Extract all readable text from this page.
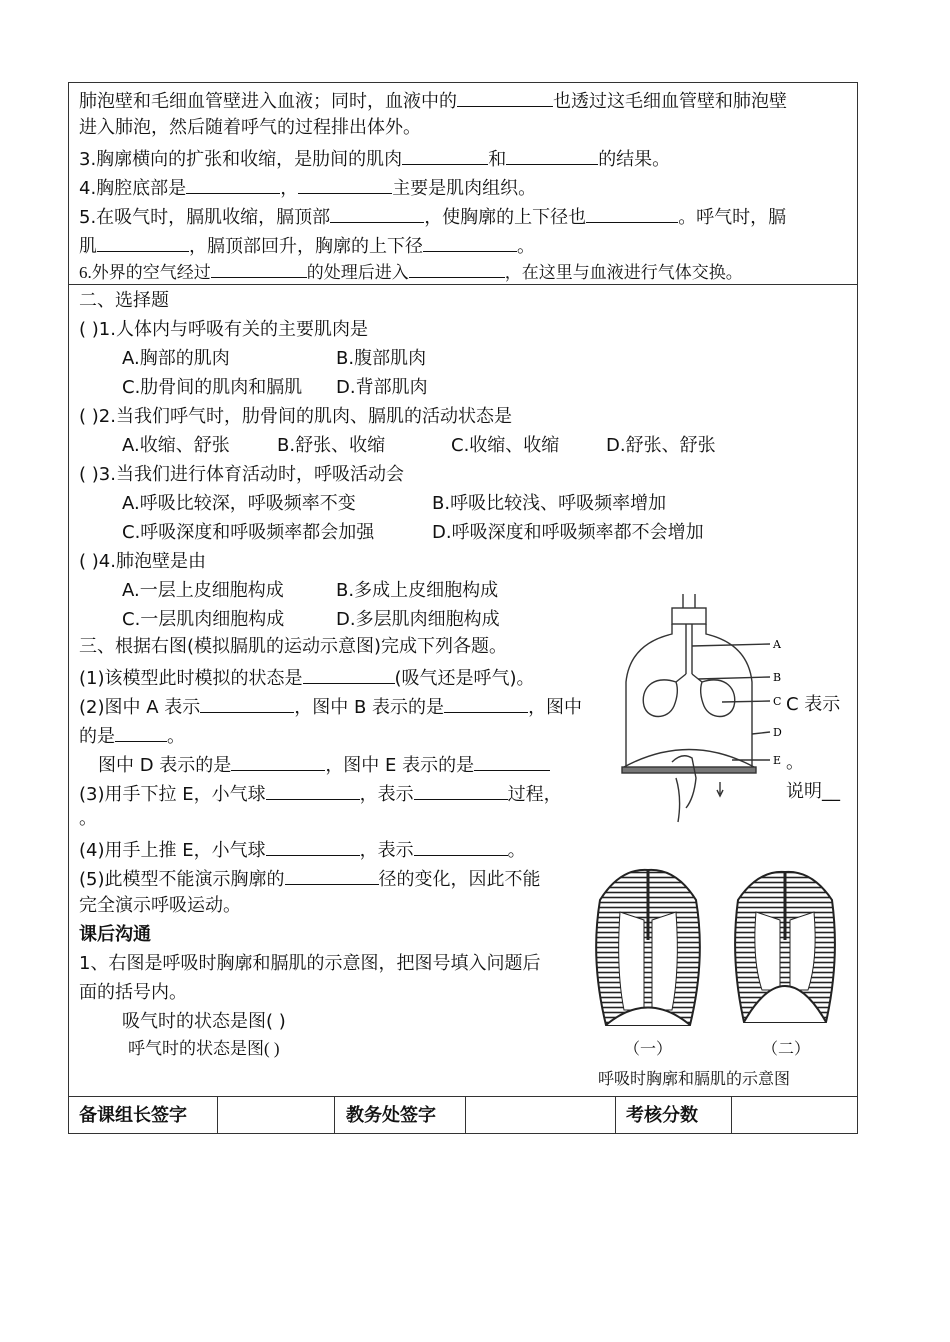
肺泡壁和毛细血管壁进入血液；同时，血液中的	也透过这毛细血管壁和肺泡壁
进入肺泡，然后随着呼气的过程排出体外。
3.胸廓横向的扩张和收缩，是肋间的肌肉	和	的结果。
4.胸腔底部是	，	主要是肌肉组织。
5.在吸气时，膈肌收缩，膈顶部	，使胸廓的上下径也	。呼气时，膈
肌	，膈顶部回升，胸廓的上下径	。
6.外界的空气经过	的处理后进入	，在这里与血液进行气体交换。
二、选择题
( )1.人体内与呼吸有关的主要肌肉是
A.胸部的肌肉	B.腹部肌肉
C.肋骨间的肌肉和膈肌 D.背部肌肉
( )2.当我们呼气时，肋骨间的肌肉、膈肌的活动状态是
A.收缩、舒张	B.舒张、收缩	C.收缩、收缩	D.舒张、舒张
( )3.当我们进行体育活动时，呼吸活动会
A.呼吸比较深，呼吸频率不变	B.呼吸比较浅、呼吸频率增加
C.呼吸深度和呼吸频率都会加强	D.呼吸深度和呼吸频率都不会增加
( )4.肺泡壁是由
A.一层上皮细胞构成	B.多成上皮细胞构成
C.一层肌肉细胞构成	D.多层肌肉细胞构成
三、根据右图(模拟膈肌的运动示意图)完成下列各题。
(1)该模型此时模拟的状态是	(吸气还是呼气)。
(2)图中 A 表示	，图中 B 表示的是	，图中	C 表示
的是	。
图中 D 表示的是	，图中 E 表示的是	。
(3)用手下拉 E，小气球	，表示	过程，	说明__
。
(4)用手上推 E，小气球	，表示	。
(5)此模型不能演示胸廓的	径的变化，因此不能
完全演示呼吸运动。
课后沟通
1、右图是呼吸时胸廓和膈肌的示意图，把图号填入问题后
面的括号内。
吸气时的状态是图( )
呼气时的状态是图( )
备课组长签字	教务处签字	考核分数
A
B
C
D
E
（一）	（二）
呼吸时胸廓和膈肌的示意图
